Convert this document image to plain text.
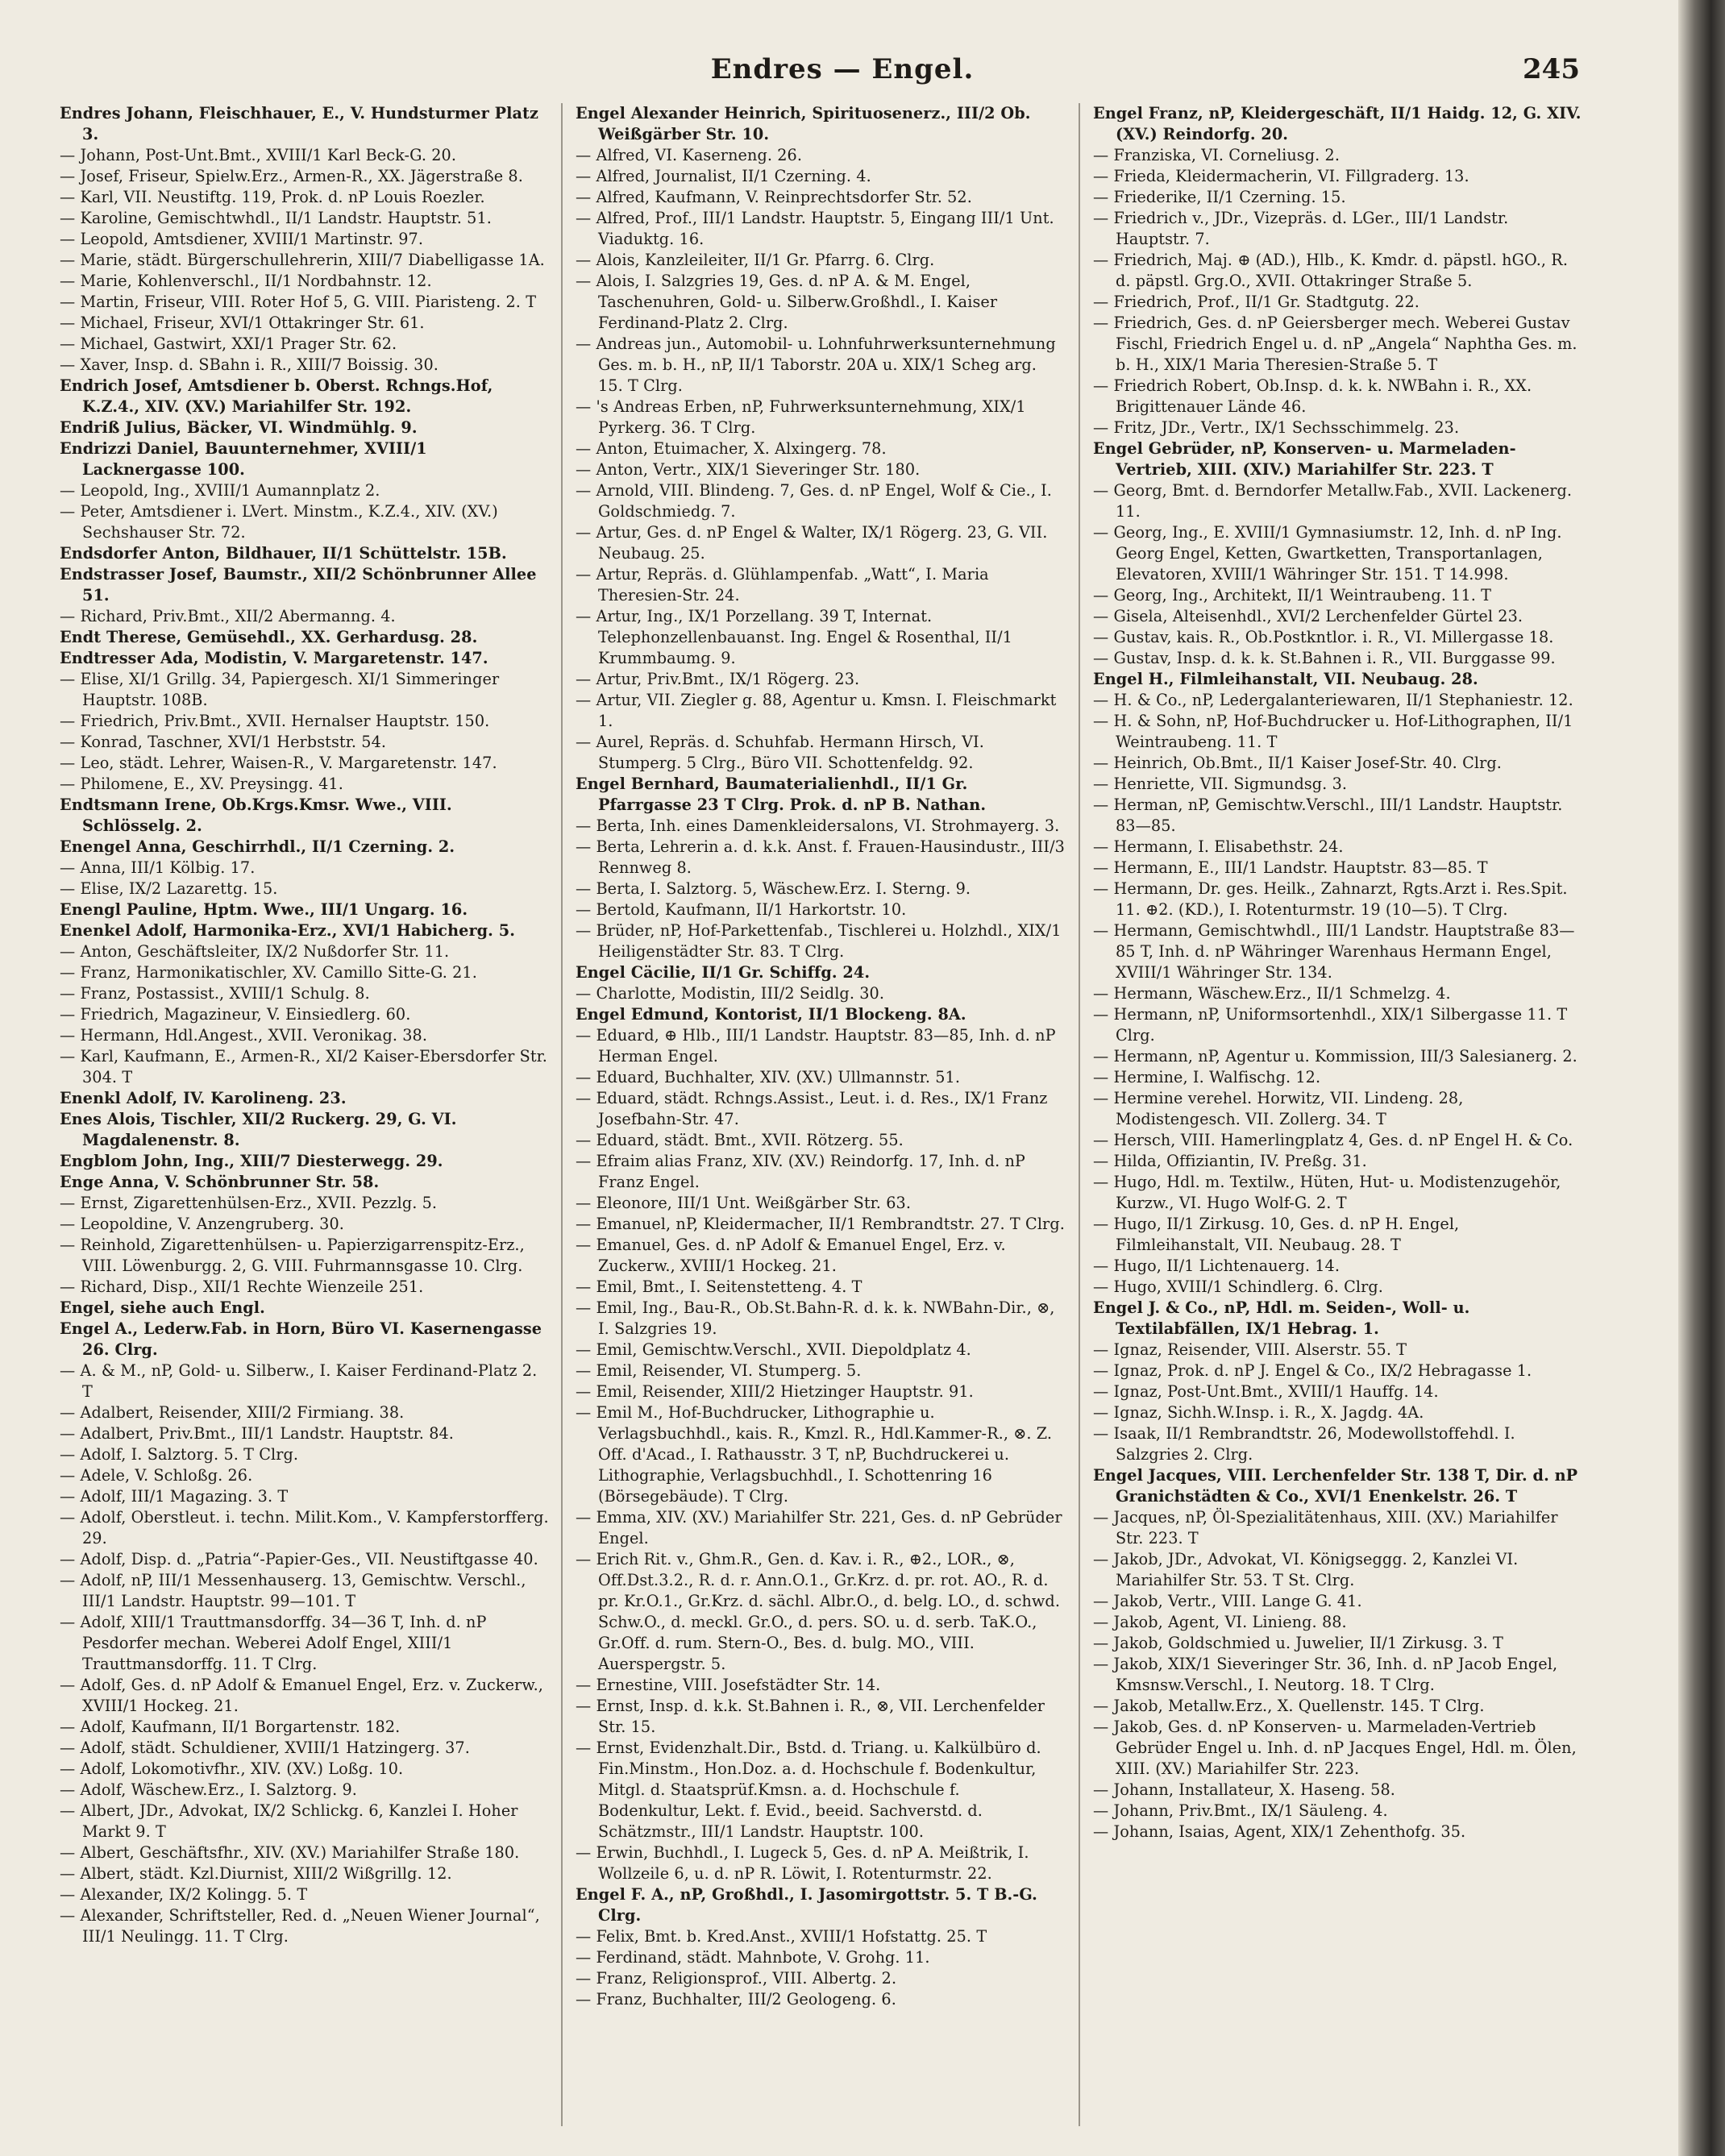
Endres — Engel.	245

Endres Johann, Fleischhauer, E., V. Hundsturmer Platz 3.

— Johann, Post-Unt.Bmt., XVIII/1 Karl Beck-G. 20.

— Josef, Friseur, Spielw.Erz., Armen-R., XX. Jägerstraße 8.

— Karl, VII. Neustiftg. 119, Prok. d. nP Louis Roezler.

— Karoline, Gemischtwhdl., II/1 Landstr. Hauptstr. 51.

— Leopold, Amtsdiener, XVIII/1 Martinstr. 97.

— Marie, städt. Bürgerschullehrerin, XIII/7 Diabelligasse 1A.

— Marie, Kohlenverschl., II/1 Nordbahnstr. 12.

— Martin, Friseur, VIII. Roter Hof 5, G. VIII. Piaristeng. 2. T

— Michael, Friseur, XVI/1 Ottakringer Str. 61.

— Michael, Gastwirt, XXI/1 Prager Str. 62.

— Xaver, Insp. d. SBahn i. R., XIII/7 Boissig. 30.

Endrich Josef, Amtsdiener b. Oberst. Rchngs.Hof, K.Z.4., XIV. (XV.) Mariahilfer Str. 192.

Endriß Julius, Bäcker, VI. Windmühlg. 9.

Endrizzi Daniel, Bauunternehmer, XVIII/1 Lacknergasse 100.

— Leopold, Ing., XVIII/1 Aumannplatz 2.

— Peter, Amtsdiener i. LVert. Minstm., K.Z.4., XIV. (XV.) Sechshauser Str. 72.

Endsdorfer Anton, Bildhauer, II/1 Schüttelstr. 15B.

Endstrasser Josef, Baumstr., XII/2 Schönbrunner Allee 51.

— Richard, Priv.Bmt., XII/2 Abermanng. 4.

Endt Therese, Gemüsehdl., XX. Gerhardusg. 28.

Endtresser Ada, Modistin, V. Margaretenstr. 147.

— Elise, XI/1 Grillg. 34, Papiergesch. XI/1 Simmeringer Hauptstr. 108B.

— Friedrich, Priv.Bmt., XVII. Hernalser Hauptstr. 150.

— Konrad, Taschner, XVI/1 Herbststr. 54.

— Leo, städt. Lehrer, Waisen-R., V. Margaretenstr. 147.

— Philomene, E., XV. Preysingg. 41.

Endtsmann Irene, Ob.Krgs.Kmsr. Wwe., VIII. Schlösselg. 2.

Enengel Anna, Geschirrhdl., II/1 Czerning. 2.

— Anna, III/1 Kölbig. 17.

— Elise, IX/2 Lazarettg. 15.

Enengl Pauline, Hptm. Wwe., III/1 Ungarg. 16.

Enenkel Adolf, Harmonika-Erz., XVI/1 Habicherg. 5.

— Anton, Geschäftsleiter, IX/2 Nußdorfer Str. 11.

— Franz, Harmonikatischler, XV. Camillo Sitte-G. 21.

— Franz, Postassist., XVIII/1 Schulg. 8.

— Friedrich, Magazineur, V. Einsiedlerg. 60.

— Hermann, Hdl.Angest., XVII. Veronikag. 38.

— Karl, Kaufmann, E., Armen-R., XI/2 Kaiser-Ebersdorfer Str. 304. T

Enenkl Adolf, IV. Karolineng. 23.

Enes Alois, Tischler, XII/2 Ruckerg. 29, G. VI. Magdalenenstr. 8.

Engblom John, Ing., XIII/7 Diesterwegg. 29.

Enge Anna, V. Schönbrunner Str. 58.

— Ernst, Zigarettenhülsen-Erz., XVII. Pezzlg. 5.

— Leopoldine, V. Anzengruberg. 30.

— Reinhold, Zigarettenhülsen- u. Papierzigarrenspitz-Erz., VIII. Löwenburgg. 2, G. VIII. Fuhrmannsgasse 10. Clrg.

— Richard, Disp., XII/1 Rechte Wienzeile 251.

Engel, siehe auch Engl.

Engel A., Lederw.Fab. in Horn, Büro VI. Kasernengasse 26. Clrg.

— A. & M., nP, Gold- u. Silberw., I. Kaiser Ferdinand-Platz 2. T

— Adalbert, Reisender, XIII/2 Firmiang. 38.

— Adalbert, Priv.Bmt., III/1 Landstr. Hauptstr. 84.

— Adolf, I. Salztorg. 5. T Clrg.

— Adele, V. Schloßg. 26.

— Adolf, III/1 Magazing. 3. T

— Adolf, Oberstleut. i. techn. Milit.Kom., V. Kampferstorfferg. 29.

— Adolf, Disp. d. „Patria“-Papier-Ges., VII. Neustiftgasse 40.

— Adolf, nP, III/1 Messenhauserg. 13, Gemischtw. Verschl., III/1 Landstr. Hauptstr. 99—101. T

— Adolf, XIII/1 Trauttmansdorffg. 34—36 T, Inh. d. nP Pesdorfer mechan. Weberei Adolf Engel, XIII/1 Trauttmansdorffg. 11. T Clrg.

— Adolf, Ges. d. nP Adolf & Emanuel Engel, Erz. v. Zuckerw., XVIII/1 Hockeg. 21.

— Adolf, Kaufmann, II/1 Borgartenstr. 182.

— Adolf, städt. Schuldiener, XVIII/1 Hatzingerg. 37.

— Adolf, Lokomotivfhr., XIV. (XV.) Loßg. 10.

— Adolf, Wäschew.Erz., I. Salztorg. 9.

— Albert, JDr., Advokat, IX/2 Schlickg. 6, Kanzlei I. Hoher Markt 9. T

— Albert, Geschäftsfhr., XIV. (XV.) Mariahilfer Straße 180.

— Albert, städt. Kzl.Diurnist, XIII/2 Wißgrillg. 12.

— Alexander, IX/2 Kolingg. 5. T

— Alexander, Schriftsteller, Red. d. „Neuen Wiener Journal“, III/1 Neulingg. 11. T Clrg.

Engel Alexander Heinrich, Spirituosenerz., III/2 Ob. Weißgärber Str. 10.

— Alfred, VI. Kaserneng. 26.

— Alfred, Journalist, II/1 Czerning. 4.

— Alfred, Kaufmann, V. Reinprechtsdorfer Str. 52.

— Alfred, Prof., III/1 Landstr. Hauptstr. 5, Eingang III/1 Unt. Viaduktg. 16.

— Alois, Kanzleileiter, II/1 Gr. Pfarrg. 6. Clrg.

— Alois, I. Salzgries 19, Ges. d. nP A. & M. Engel, Taschenuhren, Gold- u. Silberw.Großhdl., I. Kaiser Ferdinand-Platz 2. Clrg.

— Andreas jun., Automobil- u. Lohnfuhrwerksunternehmung Ges. m. b. H., nP, II/1 Taborstr. 20A u. XIX/1 Scheg arg. 15. T Clrg.

— 's Andreas Erben, nP, Fuhrwerksunternehmung, XIX/1 Pyrkerg. 36. T Clrg.

— Anton, Etuimacher, X. Alxingerg. 78.

— Anton, Vertr., XIX/1 Sieveringer Str. 180.

— Arnold, VIII. Blindeng. 7, Ges. d. nP Engel, Wolf & Cie., I. Goldschmiedg. 7.

— Artur, Ges. d. nP Engel & Walter, IX/1 Rögerg. 23, G. VII. Neubaug. 25.

— Artur, Repräs. d. Glühlampenfab. „Watt“, I. Maria Theresien-Str. 24.

— Artur, Ing., IX/1 Porzellang. 39 T, Internat. Telephonzellenbauanst. Ing. Engel & Rosenthal, II/1 Krummbaumg. 9.

— Artur, Priv.Bmt., IX/1 Rögerg. 23.

— Artur, VII. Ziegler g. 88, Agentur u. Kmsn. I. Fleischmarkt 1.

— Aurel, Repräs. d. Schuhfab. Hermann Hirsch, VI. Stumperg. 5 Clrg., Büro VII. Schottenfeldg. 92.

Engel Bernhard, Baumaterialienhdl., II/1 Gr. Pfarrgasse 23 T Clrg. Prok. d. nP B. Nathan.

— Berta, Inh. eines Damenkleidersalons, VI. Strohmayerg. 3.

— Berta, Lehrerin a. d. k.k. Anst. f. Frauen-Hausindustr., III/3 Rennweg 8.

— Berta, I. Salztorg. 5, Wäschew.Erz. I. Sterng. 9.

— Bertold, Kaufmann, II/1 Harkortstr. 10.

— Brüder, nP, Hof-Parkettenfab., Tischlerei u. Holzhdl., XIX/1 Heiligenstädter Str. 83. T Clrg.

Engel Cäcilie, II/1 Gr. Schiffg. 24.

— Charlotte, Modistin, III/2 Seidlg. 30.

Engel Edmund, Kontorist, II/1 Blockeng. 8A.

— Eduard, ⊕ Hlb., III/1 Landstr. Hauptstr. 83—85, Inh. d. nP Herman Engel.

— Eduard, Buchhalter, XIV. (XV.) Ullmannstr. 51.

— Eduard, städt. Rchngs.Assist., Leut. i. d. Res., IX/1 Franz Josefbahn-Str. 47.

— Eduard, städt. Bmt., XVII. Rötzerg. 55.

— Efraim alias Franz, XIV. (XV.) Reindorfg. 17, Inh. d. nP Franz Engel.

— Eleonore, III/1 Unt. Weißgärber Str. 63.

— Emanuel, nP, Kleidermacher, II/1 Rembrandtstr. 27. T Clrg.

— Emanuel, Ges. d. nP Adolf & Emanuel Engel, Erz. v. Zuckerw., XVIII/1 Hockeg. 21.

— Emil, Bmt., I. Seitenstetteng. 4. T

— Emil, Ing., Bau-R., Ob.St.Bahn-R. d. k. k. NWBahn-Dir., ⊗, I. Salzgries 19.

— Emil, Gemischtw.Verschl., XVII. Diepoldplatz 4.

— Emil, Reisender, VI. Stumperg. 5.

— Emil, Reisender, XIII/2 Hietzinger Hauptstr. 91.

— Emil M., Hof-Buchdrucker, Lithographie u. Verlagsbuchhdl., kais. R., Kmzl. R., Hdl.Kammer-R., ⊗. Z. Off. d'Acad., I. Rathausstr. 3 T, nP, Buchdruckerei u. Lithographie, Verlagsbuchhdl., I. Schottenring 16 (Börsegebäude). T Clrg.

— Emma, XIV. (XV.) Mariahilfer Str. 221, Ges. d. nP Gebrüder Engel.

— Erich Rit. v., Ghm.R., Gen. d. Kav. i. R., ⊕2., LOR., ⊗, Off.Dst.3.2., R. d. r. Ann.O.1., Gr.Krz. d. pr. rot. AO., R. d. pr. Kr.O.1., Gr.Krz. d. sächl. Albr.O., d. belg. LO., d. schwd. Schw.O., d. meckl. Gr.O., d. pers. SO. u. d. serb. TaK.O., Gr.Off. d. rum. Stern-O., Bes. d. bulg. MO., VIII. Auerspergstr. 5.

— Ernestine, VIII. Josefstädter Str. 14.

— Ernst, Insp. d. k.k. St.Bahnen i. R., ⊗, VII. Lerchenfelder Str. 15.

— Ernst, Evidenzhalt.Dir., Bstd. d. Triang. u. Kalkülbüro d. Fin.Minstm., Hon.Doz. a. d. Hochschule f. Bodenkultur, Mitgl. d. Staatsprüf.Kmsn. a. d. Hochschule f. Bodenkultur, Lekt. f. Evid., beeid. Sachverstd. d. Schätzmstr., III/1 Landstr. Hauptstr. 100.

— Erwin, Buchhdl., I. Lugeck 5, Ges. d. nP A. Meißtrik, I. Wollzeile 6, u. d. nP R. Löwit, I. Rotenturmstr. 22.

Engel F. A., nP, Großhdl., I. Jasomirgottstr. 5. T B.-G. Clrg.

— Felix, Bmt. b. Kred.Anst., XVIII/1 Hofstattg. 25. T

— Ferdinand, städt. Mahnbote, V. Grohg. 11.

— Franz, Religionsprof., VIII. Albertg. 2.

— Franz, Buchhalter, III/2 Geologeng. 6.

Engel Franz, nP, Kleidergeschäft, II/1 Haidg. 12, G. XIV. (XV.) Reindorfg. 20.

— Franziska, VI. Corneliusg. 2.

— Frieda, Kleidermacherin, VI. Fillgraderg. 13.

— Friederike, II/1 Czerning. 15.

— Friedrich v., JDr., Vizepräs. d. LGer., III/1 Landstr. Hauptstr. 7.

— Friedrich, Maj. ⊕ (AD.), Hlb., K. Kmdr. d. päpstl. hGO., R. d. päpstl. Grg.O., XVII. Ottakringer Straße 5.

— Friedrich, Prof., II/1 Gr. Stadtgutg. 22.

— Friedrich, Ges. d. nP Geiersberger mech. Weberei Gustav Fischl, Friedrich Engel u. d. nP „Angela“ Naphtha Ges. m. b. H., XIX/1 Maria Theresien-Straße 5. T

— Friedrich Robert, Ob.Insp. d. k. k. NWBahn i. R., XX. Brigittenauer Lände 46.

— Fritz, JDr., Vertr., IX/1 Sechsschimmelg. 23.

Engel Gebrüder, nP, Konserven- u. Marmeladen-Vertrieb, XIII. (XIV.) Mariahilfer Str. 223. T

— Georg, Bmt. d. Berndorfer Metallw.Fab., XVII. Lackenerg. 11.

— Georg, Ing., E. XVIII/1 Gymnasiumstr. 12, Inh. d. nP Ing. Georg Engel, Ketten, Gwartketten, Transportanlagen, Elevatoren, XVIII/1 Währinger Str. 151. T 14.998.

— Georg, Ing., Architekt, II/1 Weintraubeng. 11. T

— Gisela, Alteisenhdl., XVI/2 Lerchenfelder Gürtel 23.

— Gustav, kais. R., Ob.Postkntlor. i. R., VI. Millergasse 18.

— Gustav, Insp. d. k. k. St.Bahnen i. R., VII. Burggasse 99.

Engel H., Filmleihanstalt, VII. Neubaug. 28.

— H. & Co., nP, Ledergalanteriewaren, II/1 Stephaniestr. 12.

— H. & Sohn, nP, Hof-Buchdrucker u. Hof-Lithographen, II/1 Weintraubeng. 11. T

— Heinrich, Ob.Bmt., II/1 Kaiser Josef-Str. 40. Clrg.

— Henriette, VII. Sigmundsg. 3.

— Herman, nP, Gemischtw.Verschl., III/1 Landstr. Hauptstr. 83—85.

— Hermann, I. Elisabethstr. 24.

— Hermann, E., III/1 Landstr. Hauptstr. 83—85. T

— Hermann, Dr. ges. Heilk., Zahnarzt, Rgts.Arzt i. Res.Spit. 11. ⊕2. (KD.), I. Rotenturmstr. 19 (10—5). T Clrg.

— Hermann, Gemischtwhdl., III/1 Landstr. Hauptstraße 83—85 T, Inh. d. nP Währinger Warenhaus Hermann Engel, XVIII/1 Währinger Str. 134.

— Hermann, Wäschew.Erz., II/1 Schmelzg. 4.

— Hermann, nP, Uniformsortenhdl., XIX/1 Silbergasse 11. T Clrg.

— Hermann, nP, Agentur u. Kommission, III/3 Salesianerg. 2.

— Hermine, I. Walfischg. 12.

— Hermine verehel. Horwitz, VII. Lindeng. 28, Modistengesch. VII. Zollerg. 34. T

— Hersch, VIII. Hamerlingplatz 4, Ges. d. nP Engel H. & Co.

— Hilda, Offiziantin, IV. Preßg. 31.

— Hugo, Hdl. m. Textilw., Hüten, Hut- u. Modistenzugehör, Kurzw., VI. Hugo Wolf-G. 2. T

— Hugo, II/1 Zirkusg. 10, Ges. d. nP H. Engel, Filmleihanstalt, VII. Neubaug. 28. T

— Hugo, II/1 Lichtenauerg. 14.

— Hugo, XVIII/1 Schindlerg. 6. Clrg.

Engel J. & Co., nP, Hdl. m. Seiden-, Woll- u. Textilabfällen, IX/1 Hebrag. 1.

— Ignaz, Reisender, VIII. Alserstr. 55. T

— Ignaz, Prok. d. nP J. Engel & Co., IX/2 Hebragasse 1.

— Ignaz, Post-Unt.Bmt., XVIII/1 Hauffg. 14.

— Ignaz, Sichh.W.Insp. i. R., X. Jagdg. 4A.

— Isaak, II/1 Rembrandtstr. 26, Modewollstoffehdl. I. Salzgries 2. Clrg.

Engel Jacques, VIII. Lerchenfelder Str. 138 T, Dir. d. nP Granichstädten & Co., XVI/1 Enenkelstr. 26. T

— Jacques, nP, Öl-Spezialitätenhaus, XIII. (XV.) Mariahilfer Str. 223. T

— Jakob, JDr., Advokat, VI. Königseggg. 2, Kanzlei VI. Mariahilfer Str. 53. T St. Clrg.

— Jakob, Vertr., VIII. Lange G. 41.

— Jakob, Agent, VI. Linieng. 88.

— Jakob, Goldschmied u. Juwelier, II/1 Zirkusg. 3. T

— Jakob, XIX/1 Sieveringer Str. 36, Inh. d. nP Jacob Engel, Kmsnsw.Verschl., I. Neutorg. 18. T Clrg.

— Jakob, Metallw.Erz., X. Quellenstr. 145. T Clrg.

— Jakob, Ges. d. nP Konserven- u. Marmeladen-Vertrieb Gebrüder Engel u. Inh. d. nP Jacques Engel, Hdl. m. Ölen, XIII. (XV.) Mariahilfer Str. 223.

— Johann, Installateur, X. Haseng. 58.

— Johann, Priv.Bmt., IX/1 Säuleng. 4.

— Johann, Isaias, Agent, XIX/1 Zehenthofg. 35.
